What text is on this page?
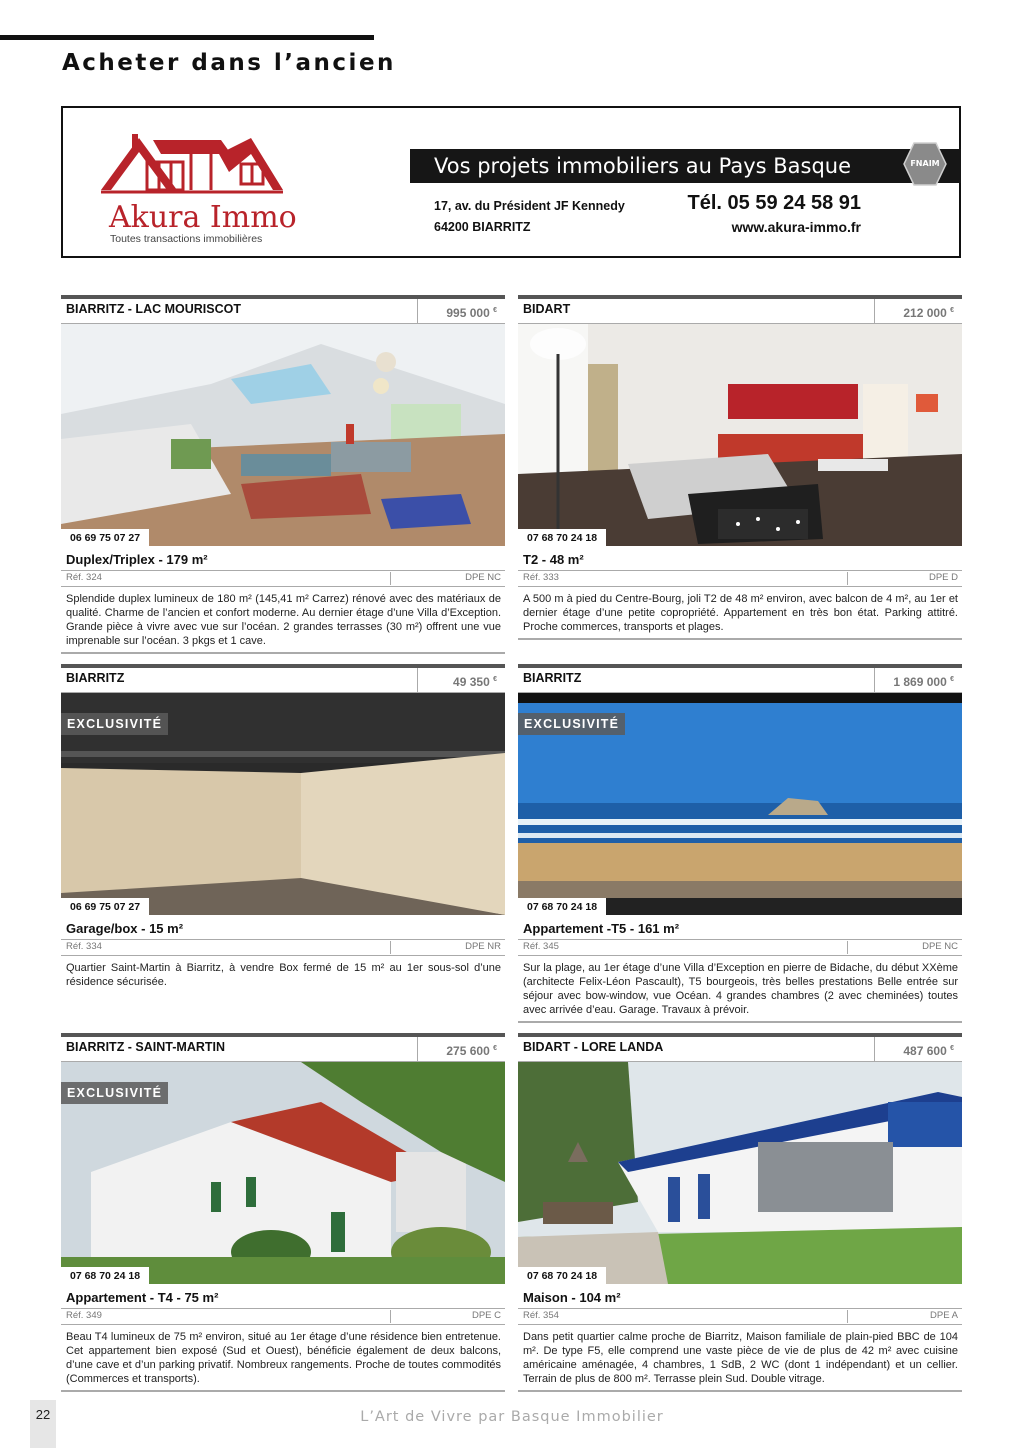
Acheter dans l’ancien
Akura Immo
Toutes transactions immobilières
Vos projets immobiliers au Pays Basque	FNAIM
17, av. du Président JF Kennedy
64200 BIARRITZ
Tél. 05 59 24 58 91
www.akura-immo.fr
BIARRITZ - LAC MOURISCOT	995 000 €
06 69 75 07 27
Duplex/Triplex - 179 m²
Réf. 324	DPE NC
Splendide duplex lumineux de 180 m² (145,41 m² Carrez) rénové avec des matériaux de qualité. Charme de l’ancien et confort moderne. Au dernier étage d’une Villa d’Exception. Grande pièce à vivre avec vue sur l’océan. 2 grandes terrasses (30 m²) offrent une vue imprenable sur l’océan. 3 pkgs et 1 cave.
BIDART	212 000 €
07 68 70 24 18
T2 - 48 m²
Réf. 333	DPE D
A 500 m à pied du Centre-Bourg, joli T2 de 48 m² environ, avec balcon de 4 m², au 1er et dernier étage d’une petite copropriété. Appartement en très bon état. Parking attitré. Proche commerces, transports et plages.
BIARRITZ	49 350 €
EXCLUSIVITÉ
06 69 75 07 27
Garage/box - 15 m²
Réf. 334	DPE NR
Quartier Saint-Martin à Biarritz, à vendre Box fermé de 15 m² au 1er sous-sol d’une résidence sécurisée.
BIARRITZ	1 869 000 €
EXCLUSIVITÉ
07 68 70 24 18
Appartement -T5 - 161 m²
Réf. 345	DPE NC
Sur la plage, au 1er étage d’une Villa d’Exception en pierre de Bidache, du début XXème (architecte Felix-Léon Pascault), T5 bourgeois, très belles prestations Belle entrée sur séjour avec bow-window, vue Océan. 4 grandes chambres (2 avec cheminées) toutes avec arrivée d’eau. Garage. Travaux à prévoir.
BIARRITZ - SAINT-MARTIN	275 600 €
EXCLUSIVITÉ
07 68 70 24 18
Appartement - T4 - 75 m²
Réf. 349	DPE C
Beau T4 lumineux de 75 m² environ, situé au 1er étage d’une résidence bien entretenue. Cet appartement bien exposé (Sud et Ouest), bénéficie également de deux balcons, d’une cave et d’un parking privatif. Nombreux rangements. Proche de toutes commodités (Commerces et transports).
BIDART - LORE LANDA	487 600 €
07 68 70 24 18
Maison - 104 m²
Réf. 354	DPE A
Dans petit quartier calme proche de Biarritz, Maison familiale de plain-pied BBC de 104 m². De type F5, elle comprend une vaste pièce de vie de plus de 42 m² avec cuisine américaine aménagée, 4 chambres, 1 SdB, 2 WC (dont 1 indépendant) et un cellier. Terrain de plus de 800 m². Terrasse plein Sud. Double vitrage.
22	L’Art de Vivre par Basque Immobilier
